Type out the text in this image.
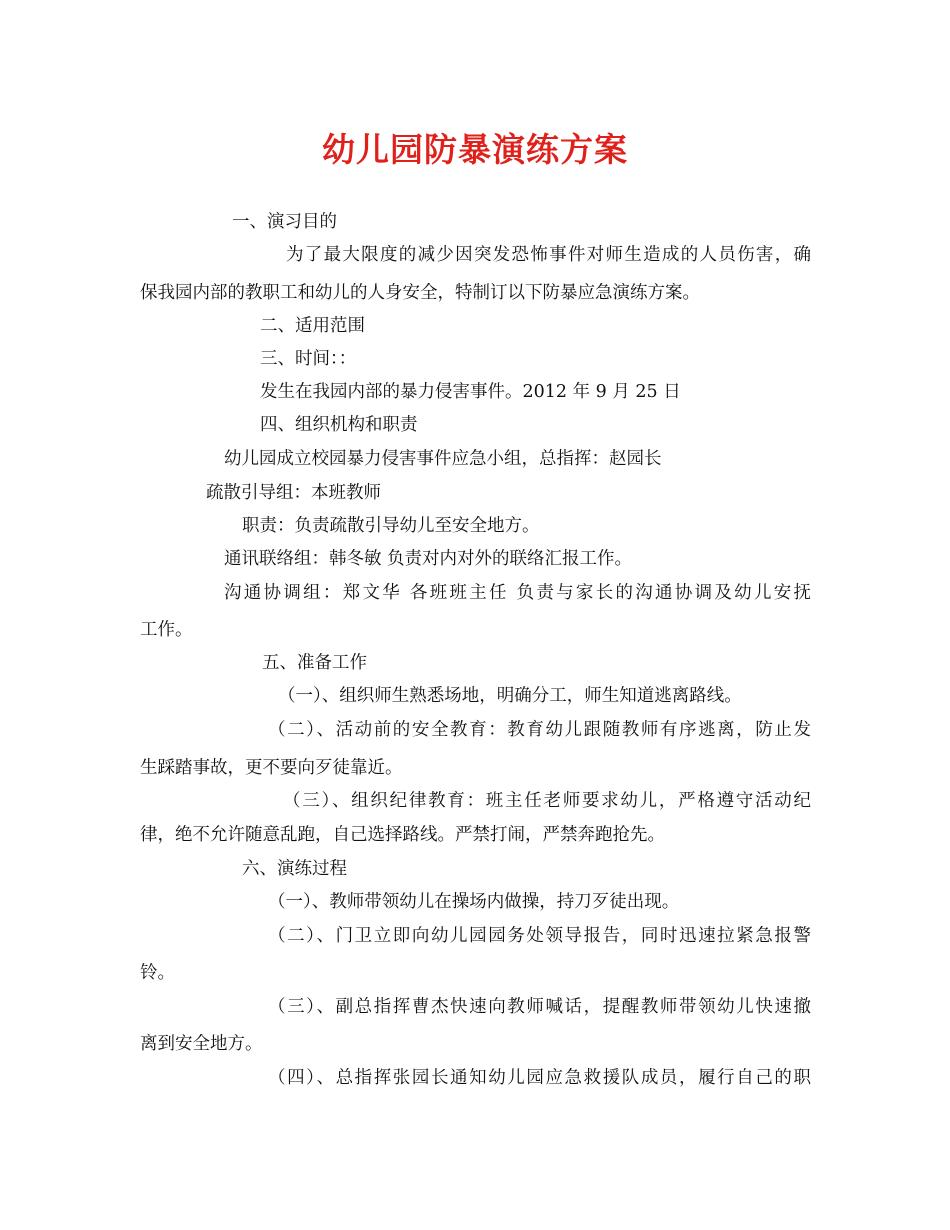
幼儿园防暴演练方案
一、演习目的
为了最大限度的减少因突发恐怖事件对师生造成的人员伤害，确
保我园内部的教职工和幼儿的人身安全，特制订以下防暴应急演练方案。
二、适用范围
三、时间：：
发生在我园内部的暴力侵害事件。2012 年 9 月 25 日
四、组织机构和职责
幼儿园成立校园暴力侵害事件应急小组，总指挥：赵园长
疏散引导组：本班教师
职责：负责疏散引导幼儿至安全地方。
通讯联络组：韩冬敏 负责对内对外的联络汇报工作。
沟通协调组：郑文华 各班班主任 负责与家长的沟通协调及幼儿安抚
工作。
五、准备工作
（一）、组织师生熟悉场地，明确分工，师生知道逃离路线。
（二）、活动前的安全教育：教育幼儿跟随教师有序逃离，防止发
生踩踏事故，更不要向歹徒靠近。
（三）、组织纪律教育：班主任老师要求幼儿，严格遵守活动纪
律，绝不允许随意乱跑，自己选择路线。严禁打闹，严禁奔跑抢先。
六、演练过程
（一）、教师带领幼儿在操场内做操，持刀歹徒出现。
（二）、门卫立即向幼儿园园务处领导报告，同时迅速拉紧急报警
铃。
（三）、副总指挥曹杰快速向教师喊话，提醒教师带领幼儿快速撤
离到安全地方。
（四）、总指挥张园长通知幼儿园应急救援队成员，履行自己的职
